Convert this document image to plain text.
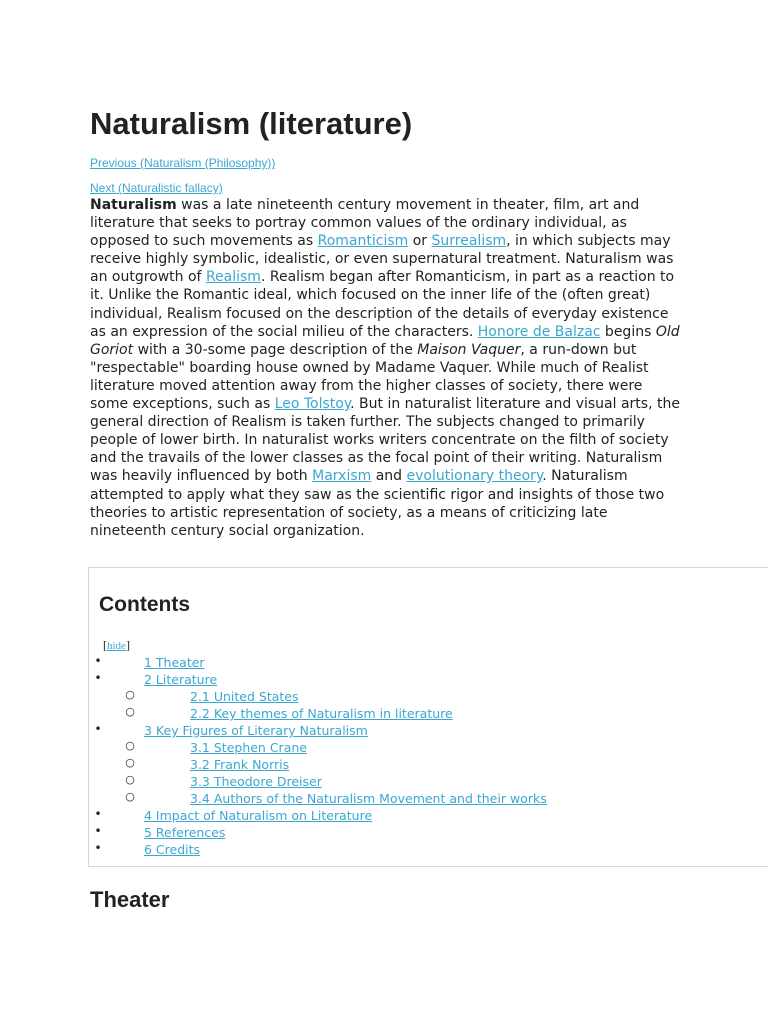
Naturalism (literature)
Previous (Naturalism (Philosophy))
Next (Naturalistic fallacy)

Naturalism was a late nineteenth century movement in theater, film, art and literature that seeks to portray common values of the ordinary individual, as opposed to such movements as Romanticism or Surrealism, in which subjects may receive highly symbolic, idealistic, or even supernatural treatment. Naturalism was an outgrowth of Realism. Realism began after Romanticism, in part as a reaction to it. Unlike the Romantic ideal, which focused on the inner life of the (often great) individual, Realism focused on the description of the details of everyday existence as an expression of the social milieu of the characters. Honore de Balzac begins Old Goriot with a 30-some page description of the Maison Vaquer, a run-down but "respectable" boarding house owned by Madame Vaquer. While much of Realist literature moved attention away from the higher classes of society, there were some exceptions, such as Leo Tolstoy. But in naturalist literature and visual arts, the general direction of Realism is taken further. The subjects changed to primarily people of lower birth. In naturalist works writers concentrate on the filth of society and the travails of the lower classes as the focal point of their writing. Naturalism was heavily influenced by both Marxism and evolutionary theory. Naturalism attempted to apply what they saw as the scientific rigor and insights of those two theories to artistic representation of society, as a means of criticizing late nineteenth century social organization.

Contents
[hide]
•	1 Theater
•	2 Literature
○	2.1 United States
○	2.2 Key themes of Naturalism in literature
•	3 Key Figures of Literary Naturalism
○	3.1 Stephen Crane
○	3.2 Frank Norris
○	3.3 Theodore Dreiser
○	3.4 Authors of the Naturalism Movement and their works
•	4 Impact of Naturalism on Literature
•	5 References
•	6 Credits
Theater
